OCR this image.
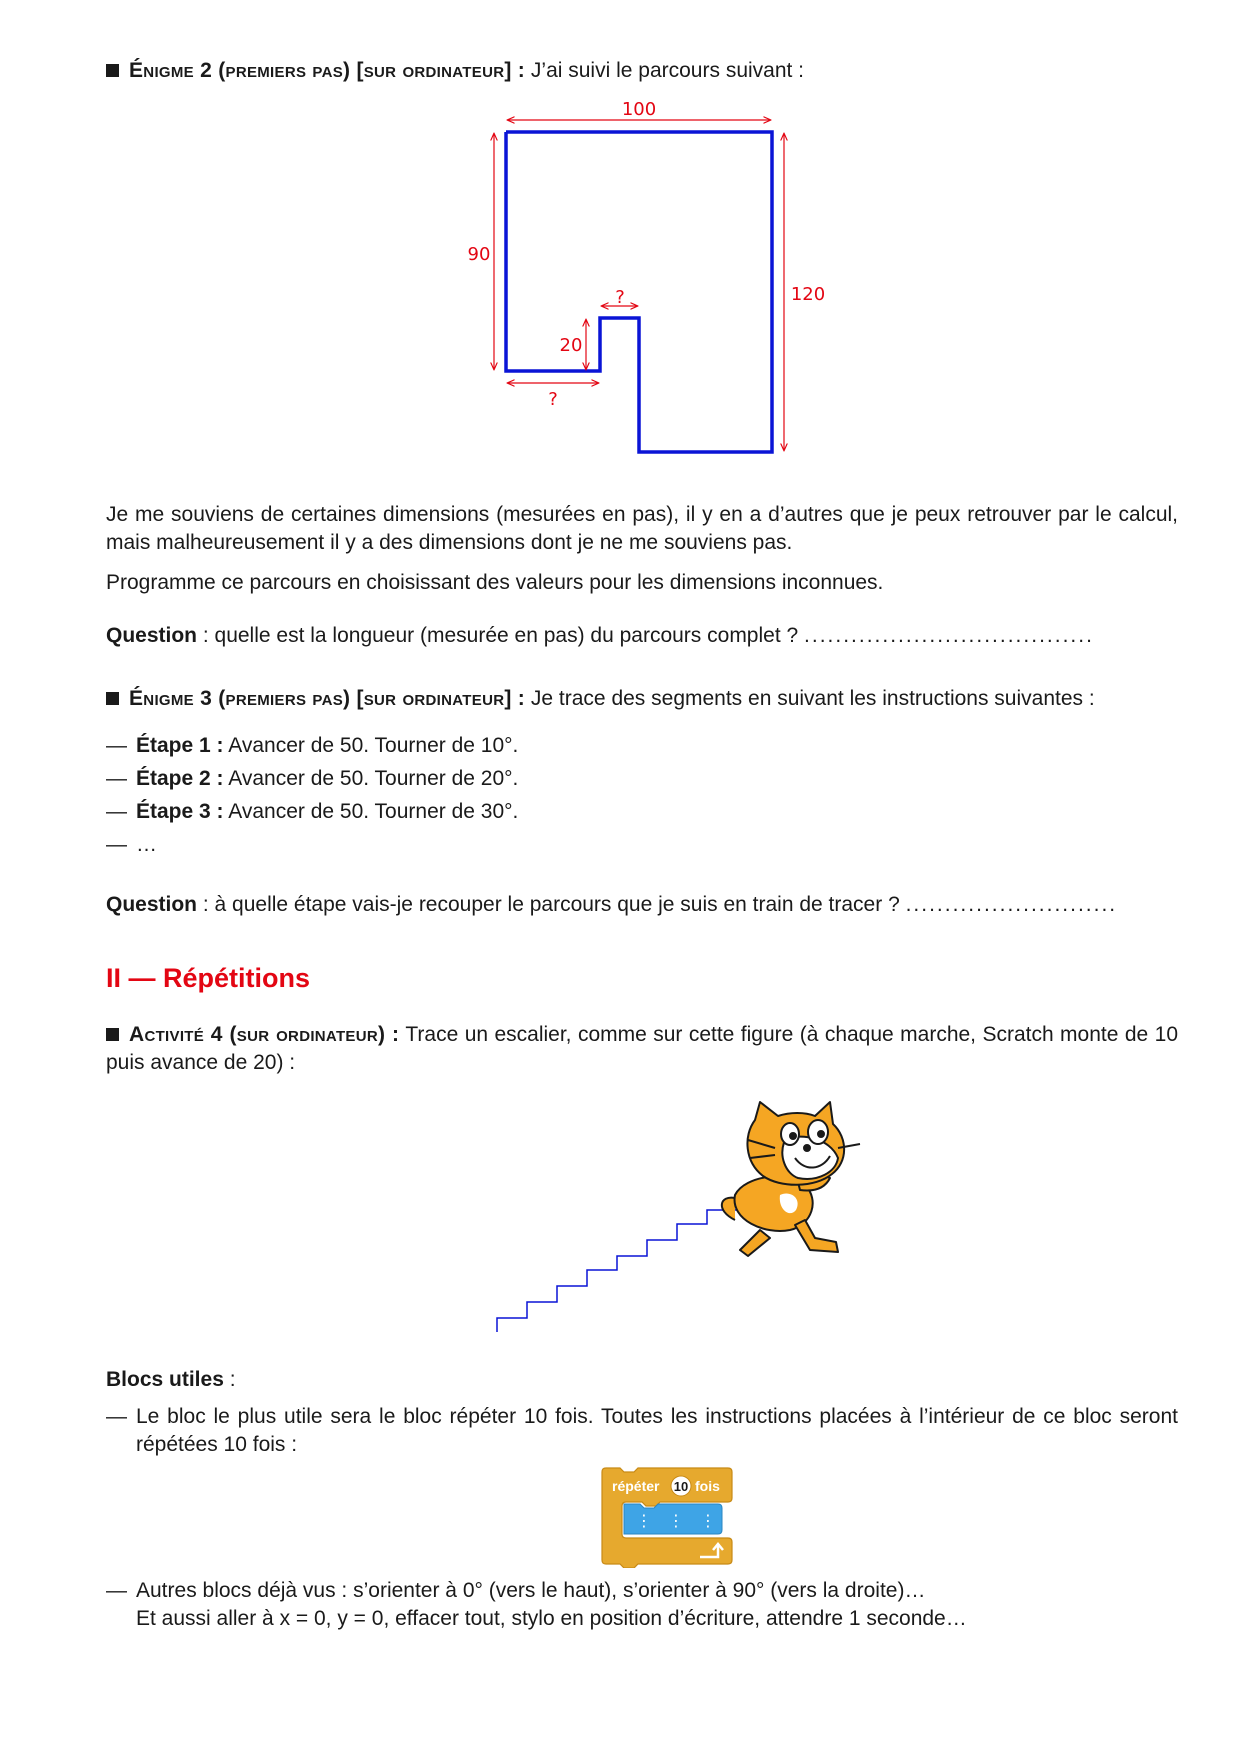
Énigme 2 (premiers pas) [sur ordinateur] : J’ai suivi le parcours suivant :
100
90
120
20
?
?
Je me souviens de certaines dimensions (mesurées en pas), il y en a d’autres que je peux retrouver par le calcul, mais malheureusement il y a des dimensions dont je ne me souviens pas.
Programme ce parcours en choisissant des valeurs pour les dimensions inconnues.
Question : quelle est la longueur (mesurée en pas) du parcours complet ? .....................................
Énigme 3 (premiers pas) [sur ordinateur] : Je trace des segments en suivant les instructions suivantes :
— Étape 1 : Avancer de 50. Tourner de 10°.
— Étape 2 : Avancer de 50. Tourner de 20°.
— Étape 3 : Avancer de 50. Tourner de 30°.
— …
Question : à quelle étape vais-je recouper le parcours que je suis en train de tracer ? ...........................
II — Répétitions
Activité 4 (sur ordinateur) : Trace un escalier, comme sur cette figure (à chaque marche, Scratch monte de 10 puis avance de 20) :
Blocs utiles :
— Le bloc le plus utile sera le bloc répéter 10 fois. Toutes les instructions placées à l’intérieur de ce bloc seront répétées 10 fois :
répéter 10 fois
⋮ ⋮ ⋮
— Autres blocs déjà vus : s’orienter à 0° (vers le haut), s’orienter à 90° (vers la droite)…
Et aussi aller à x = 0, y = 0, effacer tout, stylo en position d’écriture, attendre 1 seconde…
